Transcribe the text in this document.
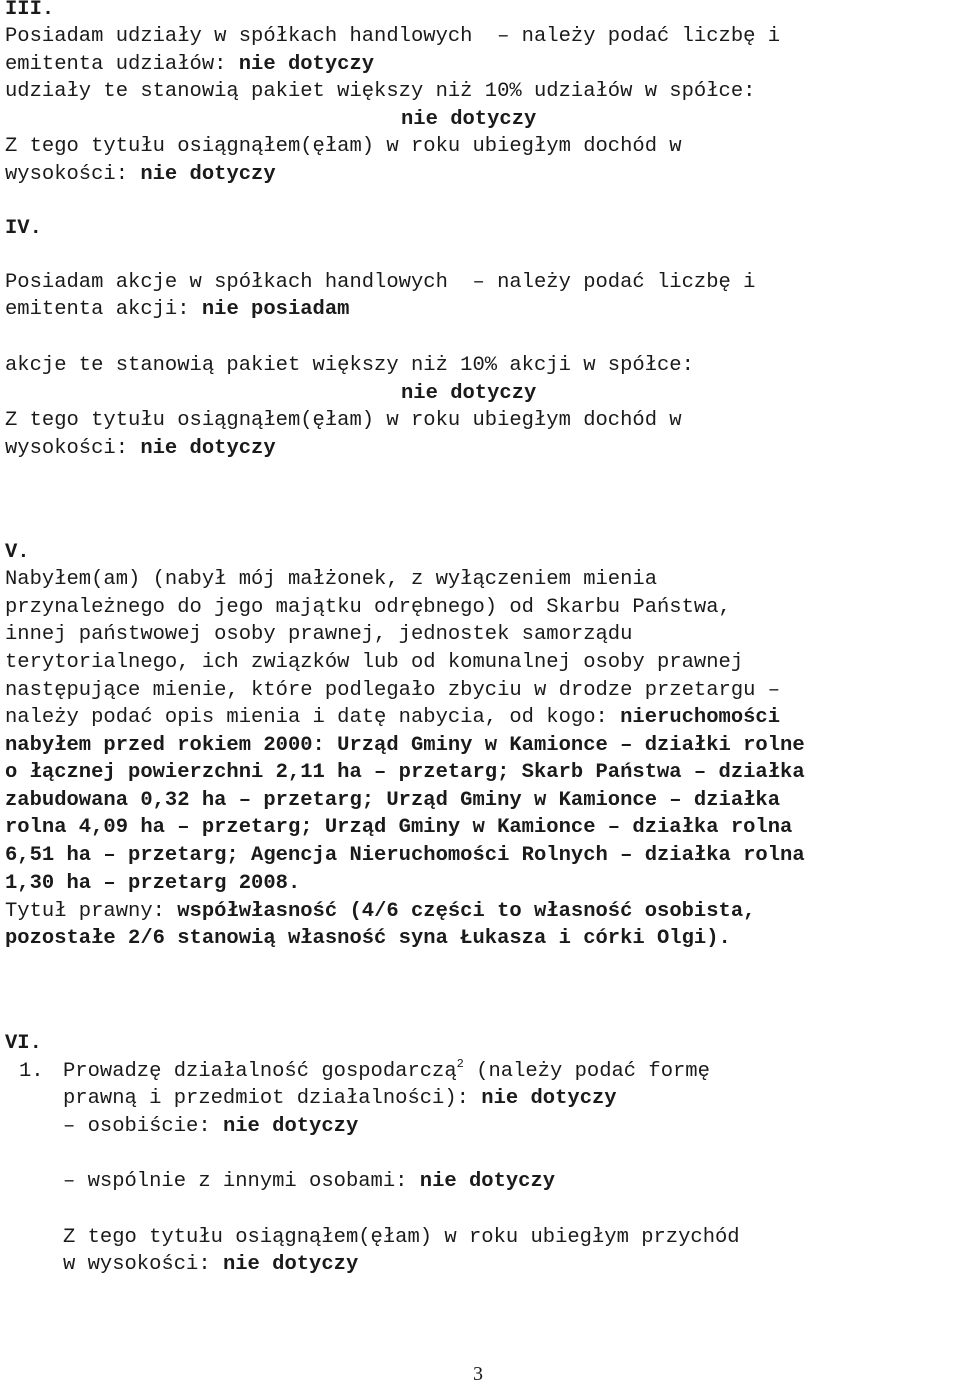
III.
Posiadam udziały w spółkach handlowych  – należy podać liczbę i
emitenta udziałów: nie dotyczy
udziały te stanowią pakiet większy niż 10% udziałów w spółce:
nie dotyczy
Z tego tytułu osiągnąłem(ęłam) w roku ubiegłym dochód w
wysokości: nie dotyczy
IV.
Posiadam akcje w spółkach handlowych  – należy podać liczbę i
emitenta akcji: nie posiadam
akcje te stanowią pakiet większy niż 10% akcji w spółce:
nie dotyczy
Z tego tytułu osiągnąłem(ęłam) w roku ubiegłym dochód w
wysokości: nie dotyczy
V.
Nabyłem(am) (nabył mój małżonek, z wyłączeniem mienia
przynależnego do jego majątku odrębnego) od Skarbu Państwa,
innej państwowej osoby prawnej, jednostek samorządu
terytorialnego, ich związków lub od komunalnej osoby prawnej
następujące mienie, które podlegało zbyciu w drodze przetargu –
należy podać opis mienia i datę nabycia, od kogo: nieruchomości
nabyłem przed rokiem 2000: Urząd Gminy w Kamionce – działki rolne
o łącznej powierzchni 2,11 ha – przetarg; Skarb Państwa – działka
zabudowana 0,32 ha – przetarg; Urząd Gminy w Kamionce – działka
rolna 4,09 ha – przetarg; Urząd Gminy w Kamionce – działka rolna
6,51 ha – przetarg; Agencja Nieruchomości Rolnych – działka rolna
1,30 ha – przetarg 2008.
Tytuł prawny: współwłasność (4/6 części to własność osobista,
pozostałe 2/6 stanowią własność syna Łukasza i córki Olgi).
VI.
1. Prowadzę działalność gospodarczą$^2$ (należy podać formę
prawną i przedmiot działalności): nie dotyczy
– osobiście: nie dotyczy
– wspólnie z innymi osobami: nie dotyczy
Z tego tytułu osiągnąłem(ęłam) w roku ubiegłym przychód
w wysokości: nie dotyczy
3
